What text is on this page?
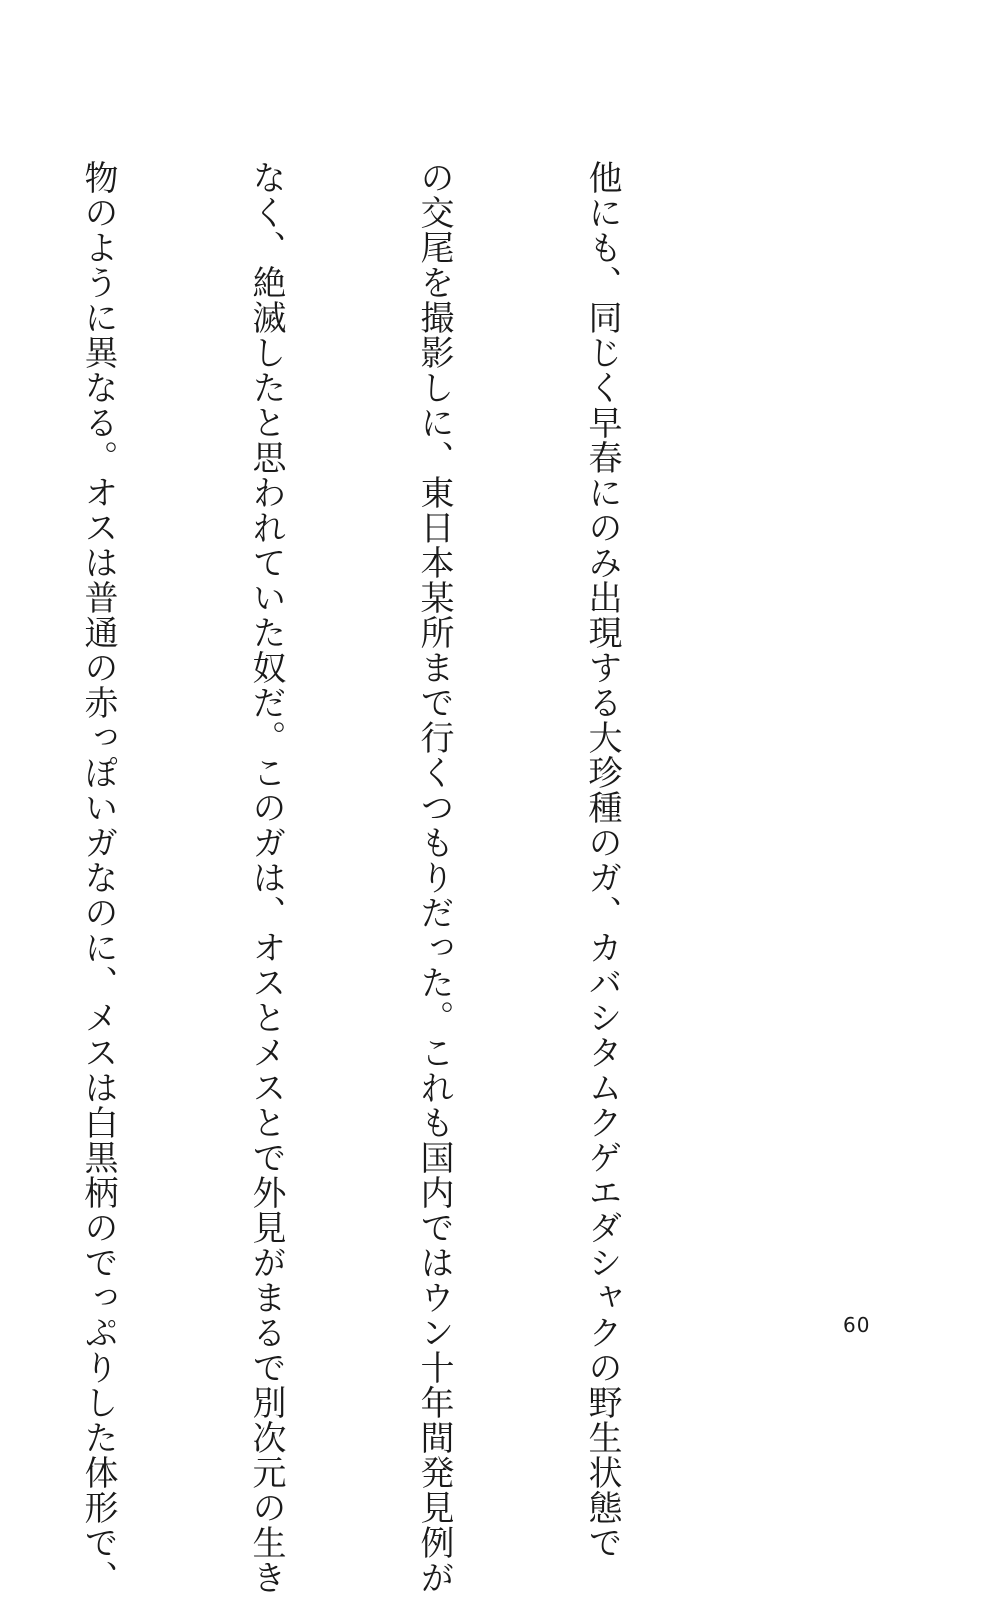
他にも、同じく早春にのみ出現する大珍種のガ、カバシタムクゲエダシャクの野生状態で

の交尾を撮影しに、東日本某所まで行くつもりだった。これも国内ではウン十年間発見例が

なく、絶滅したと思われていた奴だ。このガは、オスとメスとで外見がまるで別次元の生き

物のように異なる。オスは普通の赤っぽいガなのに、メスは白黒柄のでっぷりした体形で、

	60
